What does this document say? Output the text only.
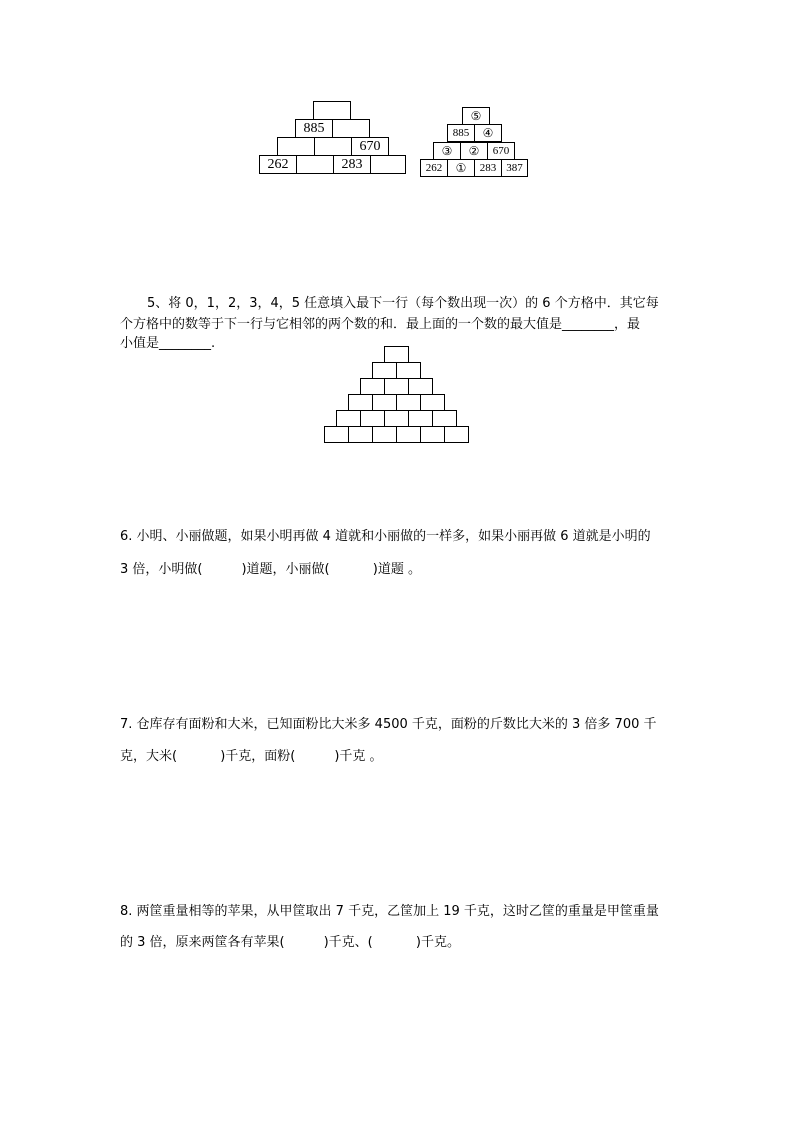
885
670
262	283
⑤
885	④
③	②	670
262	①	283 387

5、将 0，1，2，3，4，5 任意填入最下一行（每个数出现一次）的 6 个方格中．其它每

个方格中的数等于下一行与它相邻的两个数的和．最上面的一个数的最大值是________，最

小值是________.

6. 小明、小丽做题，如果小明再做 4 道就和小丽做的一样多，如果小丽再做 6 道就是小明的

3 倍，小明做(　　　)道题，小丽做(　　　 )道题 。

7. 仓库存有面粉和大米，已知面粉比大米多 4500 千克，面粉的斤数比大米的 3 倍多 700 千

克，大米(　　　 )千克，面粉(　　　)千克 。

8. 两筐重量相等的苹果，从甲筐取出 7 千克，乙筐加上 19 千克，这时乙筐的重量是甲筐重量

的 3 倍，原来两筐各有苹果(　　　)千克、(　　　 )千克。
